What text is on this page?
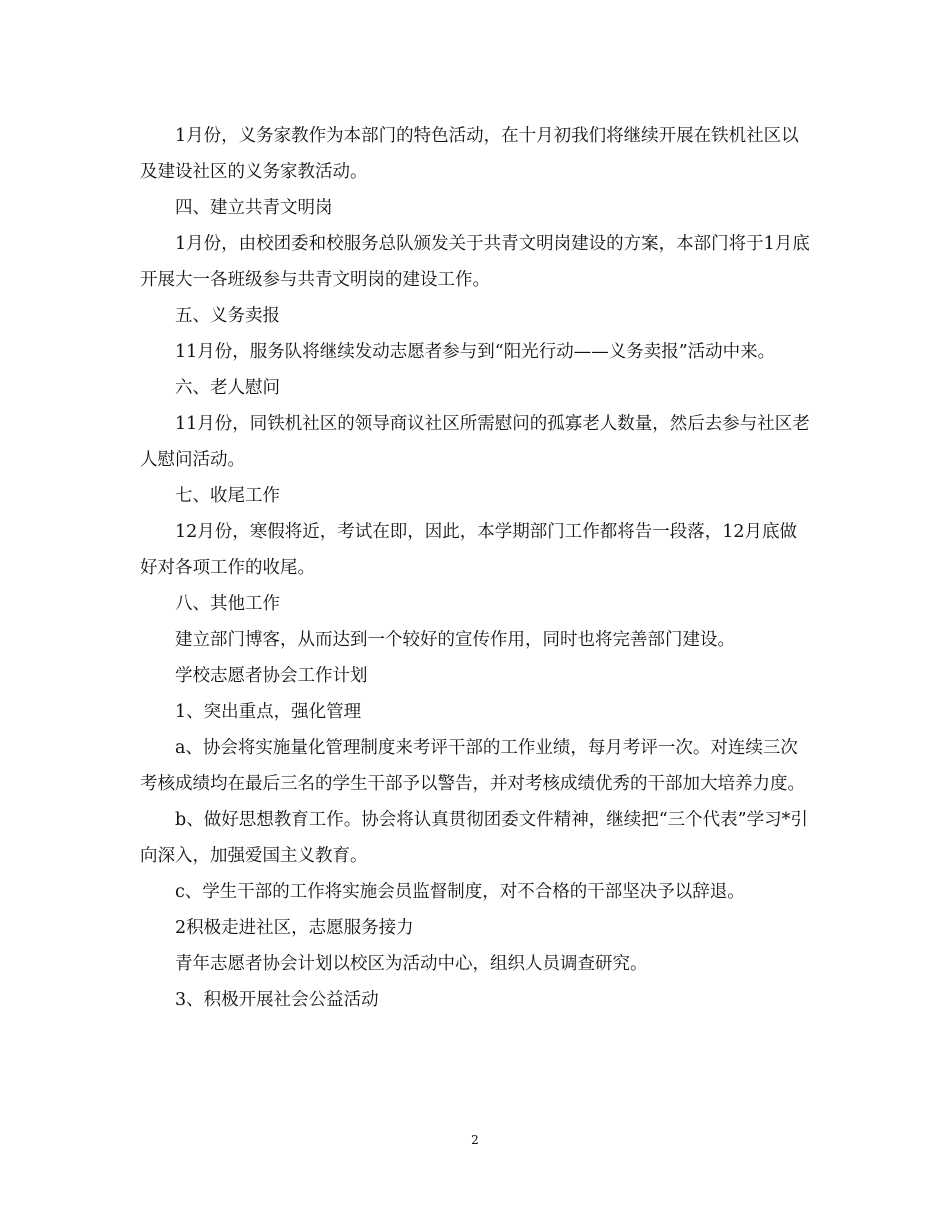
1月份，义务家教作为本部门的特色活动，在十月初我们将继续开展在铁机社区以及建设社区的义务家教活动。

四、建立共青文明岗

1月份，由校团委和校服务总队颁发关于共青文明岗建设的方案，本部门将于1月底开展大一各班级参与共青文明岗的建设工作。

五、义务卖报

11月份，服务队将继续发动志愿者参与到“阳光行动——义务卖报”活动中来。

六、老人慰问

11月份，同铁机社区的领导商议社区所需慰问的孤寡老人数量，然后去参与社区老人慰问活动。

七、收尾工作

12月份，寒假将近，考试在即，因此，本学期部门工作都将告一段落，12月底做好对各项工作的收尾。

八、其他工作

建立部门博客，从而达到一个较好的宣传作用，同时也将完善部门建设。

学校志愿者协会工作计划

1、突出重点，强化管理

a、协会将实施量化管理制度来考评干部的工作业绩，每月考评一次。对连续三次考核成绩均在最后三名的学生干部予以警告，并对考核成绩优秀的干部加大培养力度。

b、做好思想教育工作。协会将认真贯彻团委文件精神，继续把“三个代表”学习*引向深入，加强爱国主义教育。

c、学生干部的工作将实施会员监督制度，对不合格的干部坚决予以辞退。

2积极走进社区，志愿服务接力

青年志愿者协会计划以校区为活动中心，组织人员调查研究。

3、积极开展社会公益活动

2
